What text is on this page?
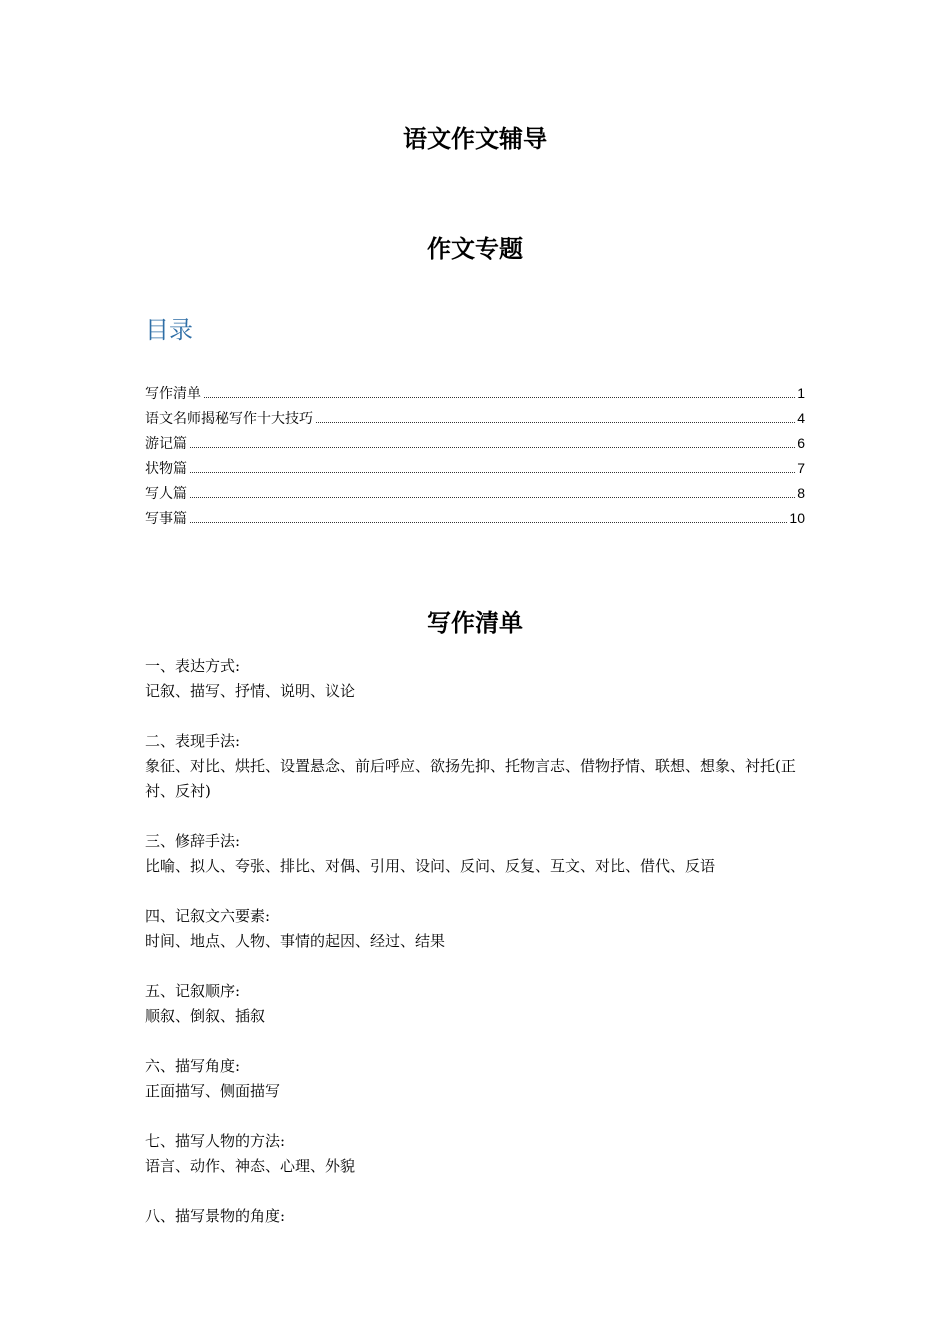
语文作文辅导
作文专题
目录
写作清单	1
语文名师揭秘写作十大技巧	4
游记篇	6
状物篇	7
写人篇	8
写事篇	10
写作清单

一、表达方式:

记叙、描写、抒情、说明、议论

二、表现手法:

象征、对比、烘托、设置悬念、前后呼应、欲扬先抑、托物言志、借物抒情、联想、想象、衬托(正衬、反衬)

三、修辞手法:

比喻、拟人、夸张、排比、对偶、引用、设问、反问、反复、互文、对比、借代、反语

四、记叙文六要素:

时间、地点、人物、事情的起因、经过、结果

五、记叙顺序:

顺叙、倒叙、插叙

六、描写角度:

正面描写、侧面描写

七、描写人物的方法:

语言、动作、神态、心理、外貌

八、描写景物的角度:
